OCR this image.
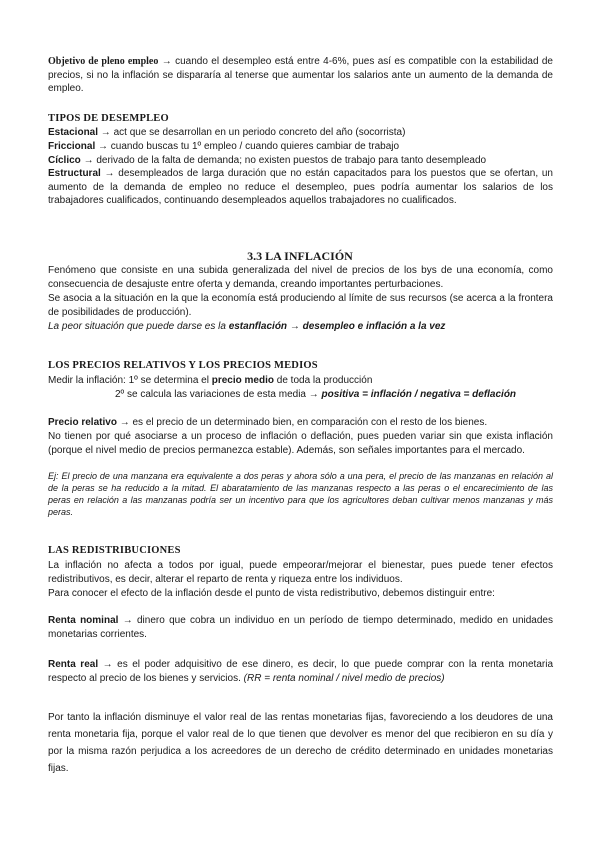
Objetivo de pleno empleo → cuando el desempleo está entre 4-6%, pues así es compatible con la estabilidad de precios, si no la inflación se dispararía al tenerse que aumentar los salarios ante un aumento de la demanda de empleo.

TIPOS DE DESEMPLEO

Estacional → act que se desarrollan en un periodo concreto del año (socorrista)

Friccional → cuando buscas tu 1º empleo / cuando quieres cambiar de trabajo

Cíclico → derivado de la falta de demanda; no existen puestos de trabajo para tanto desempleado

Estructural → desempleados de larga duración que no están capacitados para los puestos que se ofertan, un aumento de la demanda de empleo no reduce el desempleo, pues podría aumentar los salarios de los trabajadores cualificados, continuando desempleados aquellos trabajadores no cualificados.

3.3 LA INFLACIÓN

Fenómeno que consiste en una subida generalizada del nivel de precios de los bys de una economía, como consecuencia de desajuste entre oferta y demanda, creando importantes perturbaciones.

Se asocia a la situación en la que la economía está produciendo al límite de sus recursos (se acerca a la frontera de posibilidades de producción).

La peor situación que puede darse es la estanflación → desempleo e inflación a la vez

LOS PRECIOS RELATIVOS Y LOS PRECIOS MEDIOS

Medir la inflación: 1º se determina el precio medio de toda la producción

2º se calcula las variaciones de esta media → positiva = inflación / negativa = deflación

Precio relativo → es el precio de un determinado bien, en comparación con el resto de los bienes.

No tienen por qué asociarse a un proceso de inflación o deflación, pues pueden variar sin que exista inflación (porque el nivel medio de precios permanezca estable). Además, son señales importantes para el mercado.

Ej: El precio de una manzana era equivalente a dos peras y ahora sólo a una pera, el precio de las manzanas en relación al de la peras se ha reducido a la mitad. El abaratamiento de las manzanas respecto a las peras o el encarecimiento de las peras en relación a las manzanas podría ser un incentivo para que los agricultores deban cultivar menos manzanas y más peras.

LAS REDISTRIBUCIONES

La inflación no afecta a todos por igual, puede empeorar/mejorar el bienestar, pues puede tener efectos redistributivos, es decir, alterar el reparto de renta y riqueza entre los individuos.

Para conocer el efecto de la inflación desde el punto de vista redistributivo, debemos distinguir entre:

Renta nominal → dinero que cobra un individuo en un período de tiempo determinado, medido en unidades monetarias corrientes.

Renta real → es el poder adquisitivo de ese dinero, es decir, lo que puede comprar con la renta monetaria respecto al precio de los bienes y servicios. (RR = renta nominal / nivel medio de precios)

Por tanto la inflación disminuye el valor real de las rentas monetarias fijas, favoreciendo a los deudores de una renta monetaria fija, porque el valor real de lo que tienen que devolver es menor del que recibieron en su día y por la misma razón perjudica a los acreedores de un derecho de crédito determinado en unidades monetarias fijas.
